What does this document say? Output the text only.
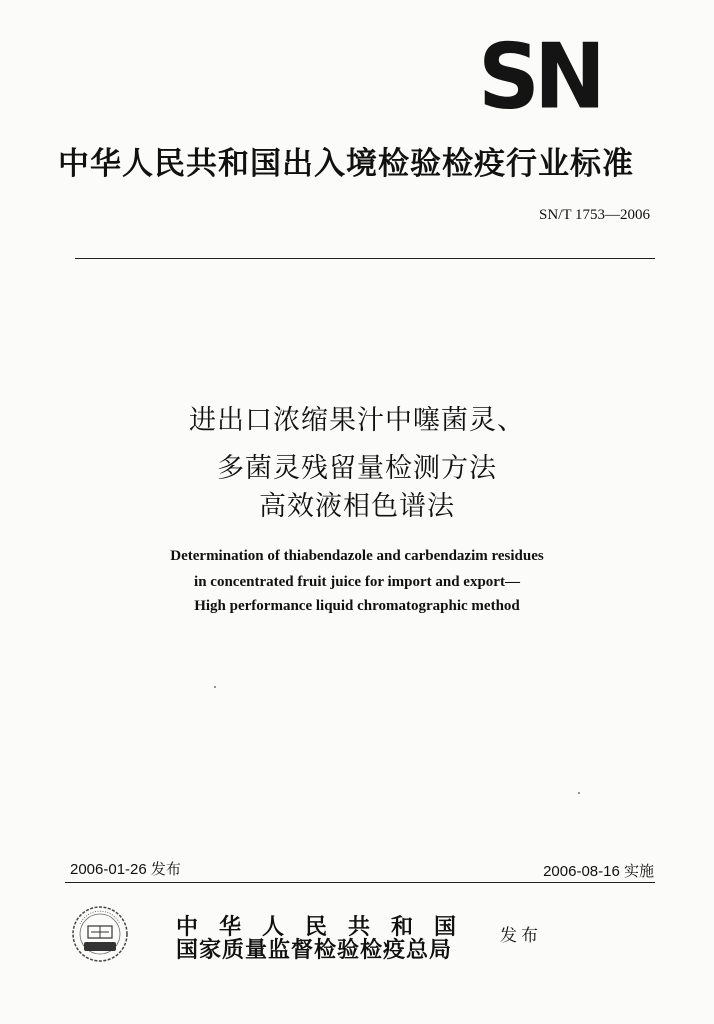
SN
中华人民共和国出入境检验检疫行业标准
SN/T 1753—2006
进出口浓缩果汁中噻菌灵、
多菌灵残留量检测方法
高效液相色谱法
Determination of thiabendazole and carbendazim residues
in concentrated fruit juice for import and export—
High performance liquid chromatographic method
2006-01-26 发布	2006-08-16 实施
中华人民共和国
国家质量监督检验检疫总局
发布
